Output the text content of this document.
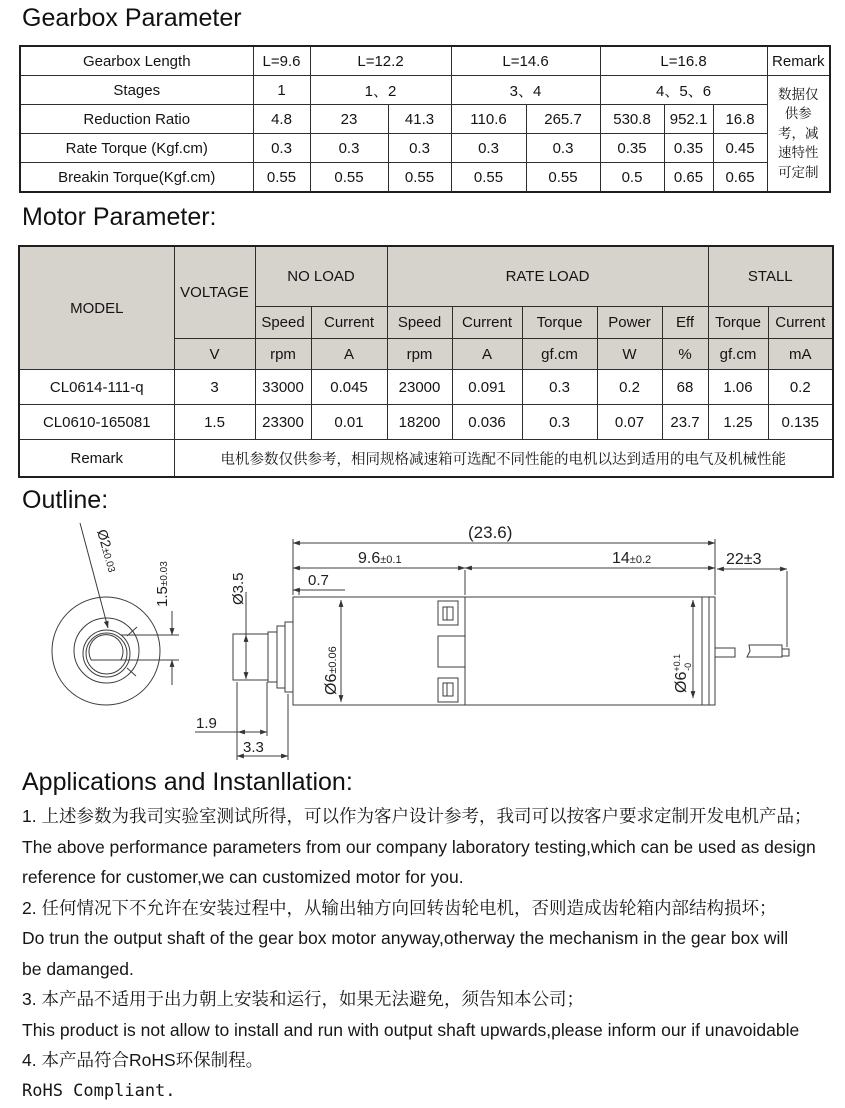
Gearbox Parameter
Gearbox Length	L=9.6	L=12.2		L=14.6		L=16.8			Remark
Stages	1	1、2		3、4		4、5、6			数据仅供参考，减速特性可定制
Reduction Ratio	4.8	23	41.3	110.6	265.7	530.8	952.1	16.8	
Rate Torque (Kgf.cm)	0.3	0.3	0.3	0.3	0.3	0.35	0.35	0.45	
Breakin Torque(Kgf.cm)	0.55	0.55	0.55	0.55	0.55	0.5	0.65	0.65	
Motor Parameter:
MODEL	VOLTAGE	NO LOAD		RATE LOAD					STALL	
		Speed	Current	Speed	Current	Torque	Power	Eff	Torque	Current
	V	rpm	A	rpm	A	gf.cm	W	%	gf.cm	mA
CL0614-111-q	3	33000	0.045	23000	0.091	0.3	0.2	68	1.06	0.2
CL0610-165081	1.5	23300	0.01	18200	0.036	0.3	0.07	23.7	1.25	0.135
Remark	电机参数仅供参考，相同规格减速箱可选配不同性能的电机以达到适用的电气及机械性能									
Outline:
(23.6)
9.6±0.1	14±0.2	22±3
0.7
Ø3.5
Ø6±0.06
$Ø6^{+0.1}-0$
Ø2±0.03
1.5±0.03
1.9
3.3
Applications and Instanllation:
1. 上述参数为我司实验室测试所得，可以作为客户设计参考，我司可以按客户要求定制开发电机产品；
The above performance parameters from our company laboratory testing,which can be used as design
reference for customer,we can customized motor for you.
2. 任何情况下不允许在安装过程中，从输出轴方向回转齿轮电机，否则造成齿轮箱内部结构损坏；
Do trun the output shaft of the gear box motor anyway,otherway the mechanism in the gear box will
be damanged.
3. 本产品不适用于出力朝上安装和运行，如果无法避免，须告知本公司；
This product is not allow to install and run with output shaft upwards,please inform our if unavoidable
4. 本产品符合RoHS环保制程。
RoHS Compliant.
